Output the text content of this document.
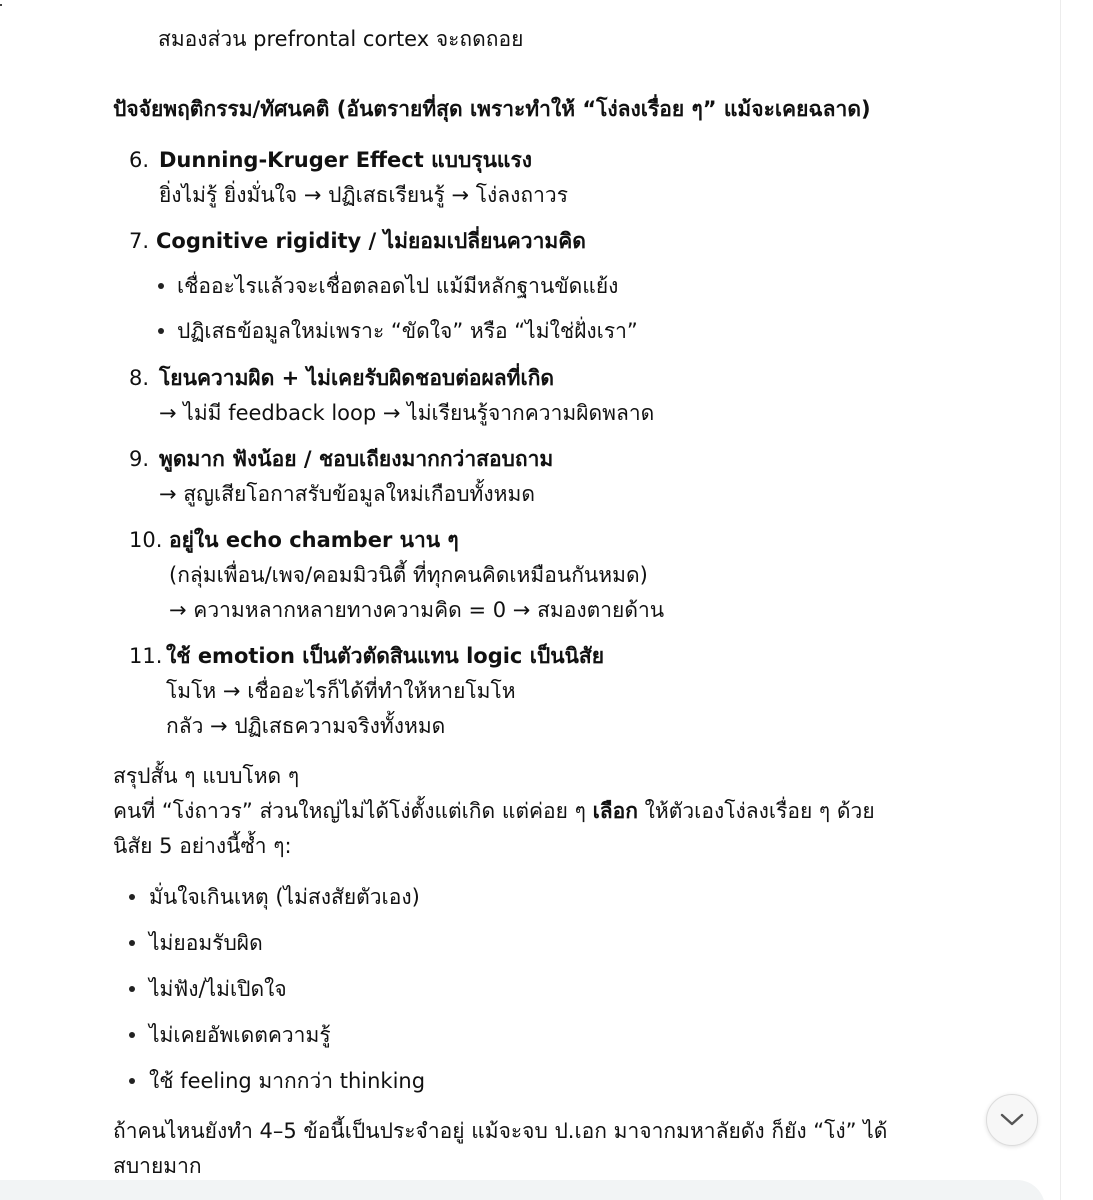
สมองส่วน prefrontal cortex จะถดถอย
ปัจจัยพฤติกรรม/ทัศนคติ (อันตรายที่สุด เพราะทำให้ “โง่ลงเรื่อย ๆ” แม้จะเคยฉลาด)
6. Dunning-Kruger Effect แบบรุนแรง
ยิ่งไม่รู้ ยิ่งมั่นใจ → ปฏิเสธเรียนรู้ → โง่ลงถาวร
7. Cognitive rigidity / ไม่ยอมเปลี่ยนความคิด
เชื่ออะไรแล้วจะเชื่อตลอดไป แม้มีหลักฐานขัดแย้ง
ปฏิเสธข้อมูลใหม่เพราะ “ขัดใจ” หรือ “ไม่ใช่ฝั่งเรา”
8. โยนความผิด + ไม่เคยรับผิดชอบต่อผลที่เกิด
→ ไม่มี feedback loop → ไม่เรียนรู้จากความผิดพลาด
9. พูดมาก ฟังน้อย / ชอบเถียงมากกว่าสอบถาม
→ สูญเสียโอกาสรับข้อมูลใหม่เกือบทั้งหมด
10. อยู่ใน echo chamber นาน ๆ
(กลุ่มเพื่อน/เพจ/คอมมิวนิตี้ ที่ทุกคนคิดเหมือนกันหมด)
→ ความหลากหลายทางความคิด = 0 → สมองตายด้าน
11. ใช้ emotion เป็นตัวตัดสินแทน logic เป็นนิสัย
โมโห → เชื่ออะไรก็ได้ที่ทำให้หายโมโห
กลัว → ปฏิเสธความจริงทั้งหมด
สรุปสั้น ๆ แบบโหด ๆ
คนที่ “โง่ถาวร” ส่วนใหญ่ไม่ได้โง่ตั้งแต่เกิด แต่ค่อย ๆ เลือก ให้ตัวเองโง่ลงเรื่อย ๆ ด้วย
นิสัย 5 อย่างนี้ซ้ำ ๆ:
มั่นใจเกินเหตุ (ไม่สงสัยตัวเอง)
ไม่ยอมรับผิด
ไม่ฟัง/ไม่เปิดใจ
ไม่เคยอัพเดตความรู้
ใช้ feeling มากกว่า thinking
ถ้าคนไหนยังทำ 4–5 ข้อนี้เป็นประจำอยู่ แม้จะจบ ป.เอก มาจากมหาลัยดัง ก็ยัง “โง่” ได้
สบายมาก
